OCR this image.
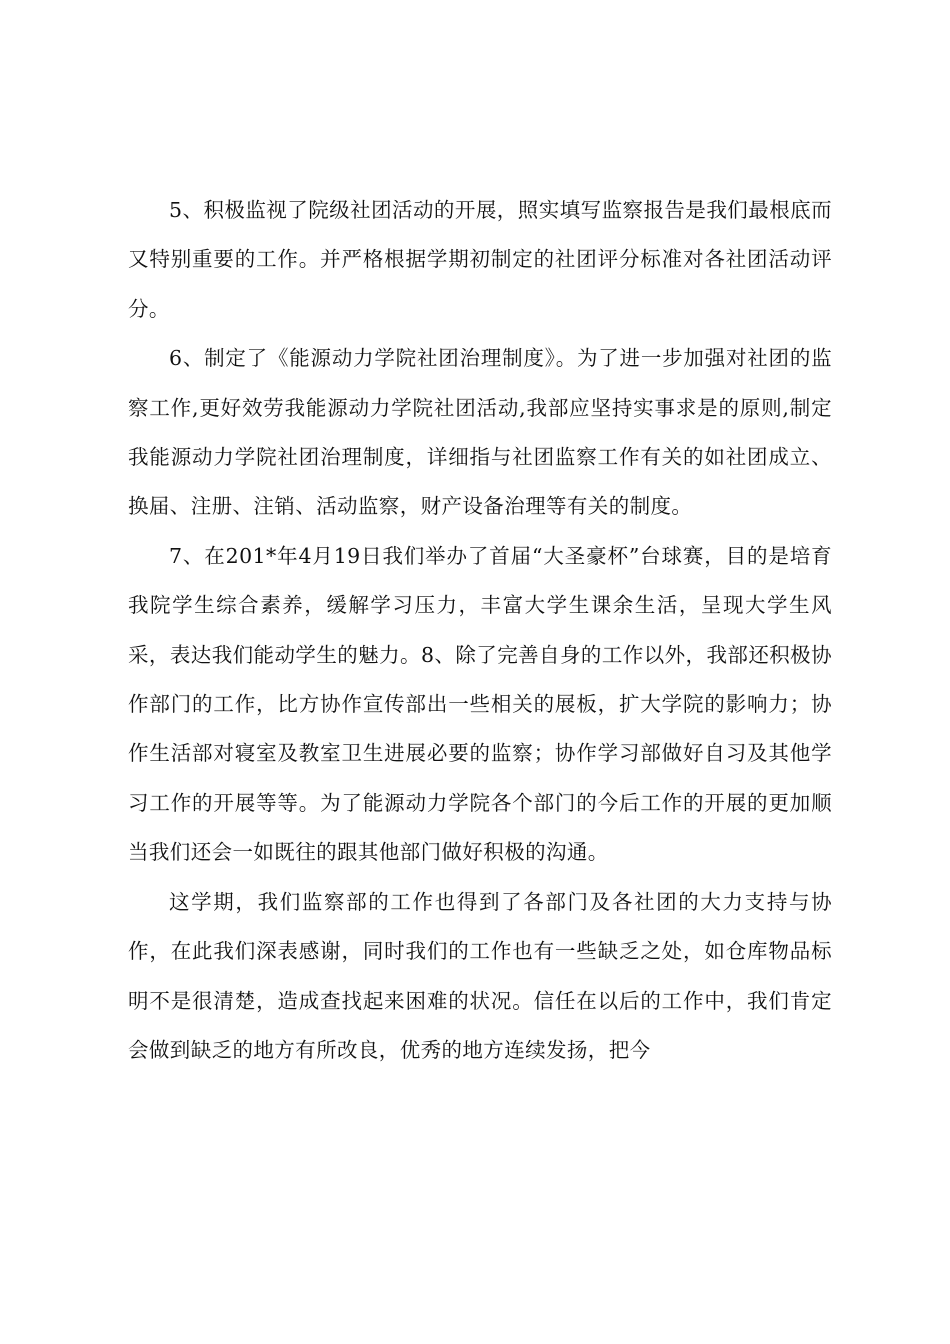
5、积极监视了院级社团活动的开展，照实填写监察报告是我们最根底而又特别重要的工作。并严格根据学期初制定的社团评分标准对各社团活动评分。

6、制定了《能源动力学院社团治理制度》。为了进一步加强对社团的监察工作,更好效劳我能源动力学院社团活动,我部应坚持实事求是的原则,制定我能源动力学院社团治理制度，详细指与社团监察工作有关的如社团成立、换届、注册、注销、活动监察，财产设备治理等有关的制度。

7、在201*年4月19日我们举办了首届“大圣豪杯”台球赛，目的是培育我院学生综合素养，缓解学习压力，丰富大学生课余生活，呈现大学生风采，表达我们能动学生的魅力。8、除了完善自身的工作以外，我部还积极协作部门的工作，比方协作宣传部出一些相关的展板，扩大学院的影响力；协作生活部对寝室及教室卫生进展必要的监察；协作学习部做好自习及其他学习工作的开展等等。为了能源动力学院各个部门的今后工作的开展的更加顺当我们还会一如既往的跟其他部门做好积极的沟通。

这学期，我们监察部的工作也得到了各部门及各社团的大力支持与协作，在此我们深表感谢，同时我们的工作也有一些缺乏之处，如仓库物品标明不是很清楚，造成查找起来困难的状况。信任在以后的工作中，我们肯定会做到缺乏的地方有所改良，优秀的地方连续发扬，把今
